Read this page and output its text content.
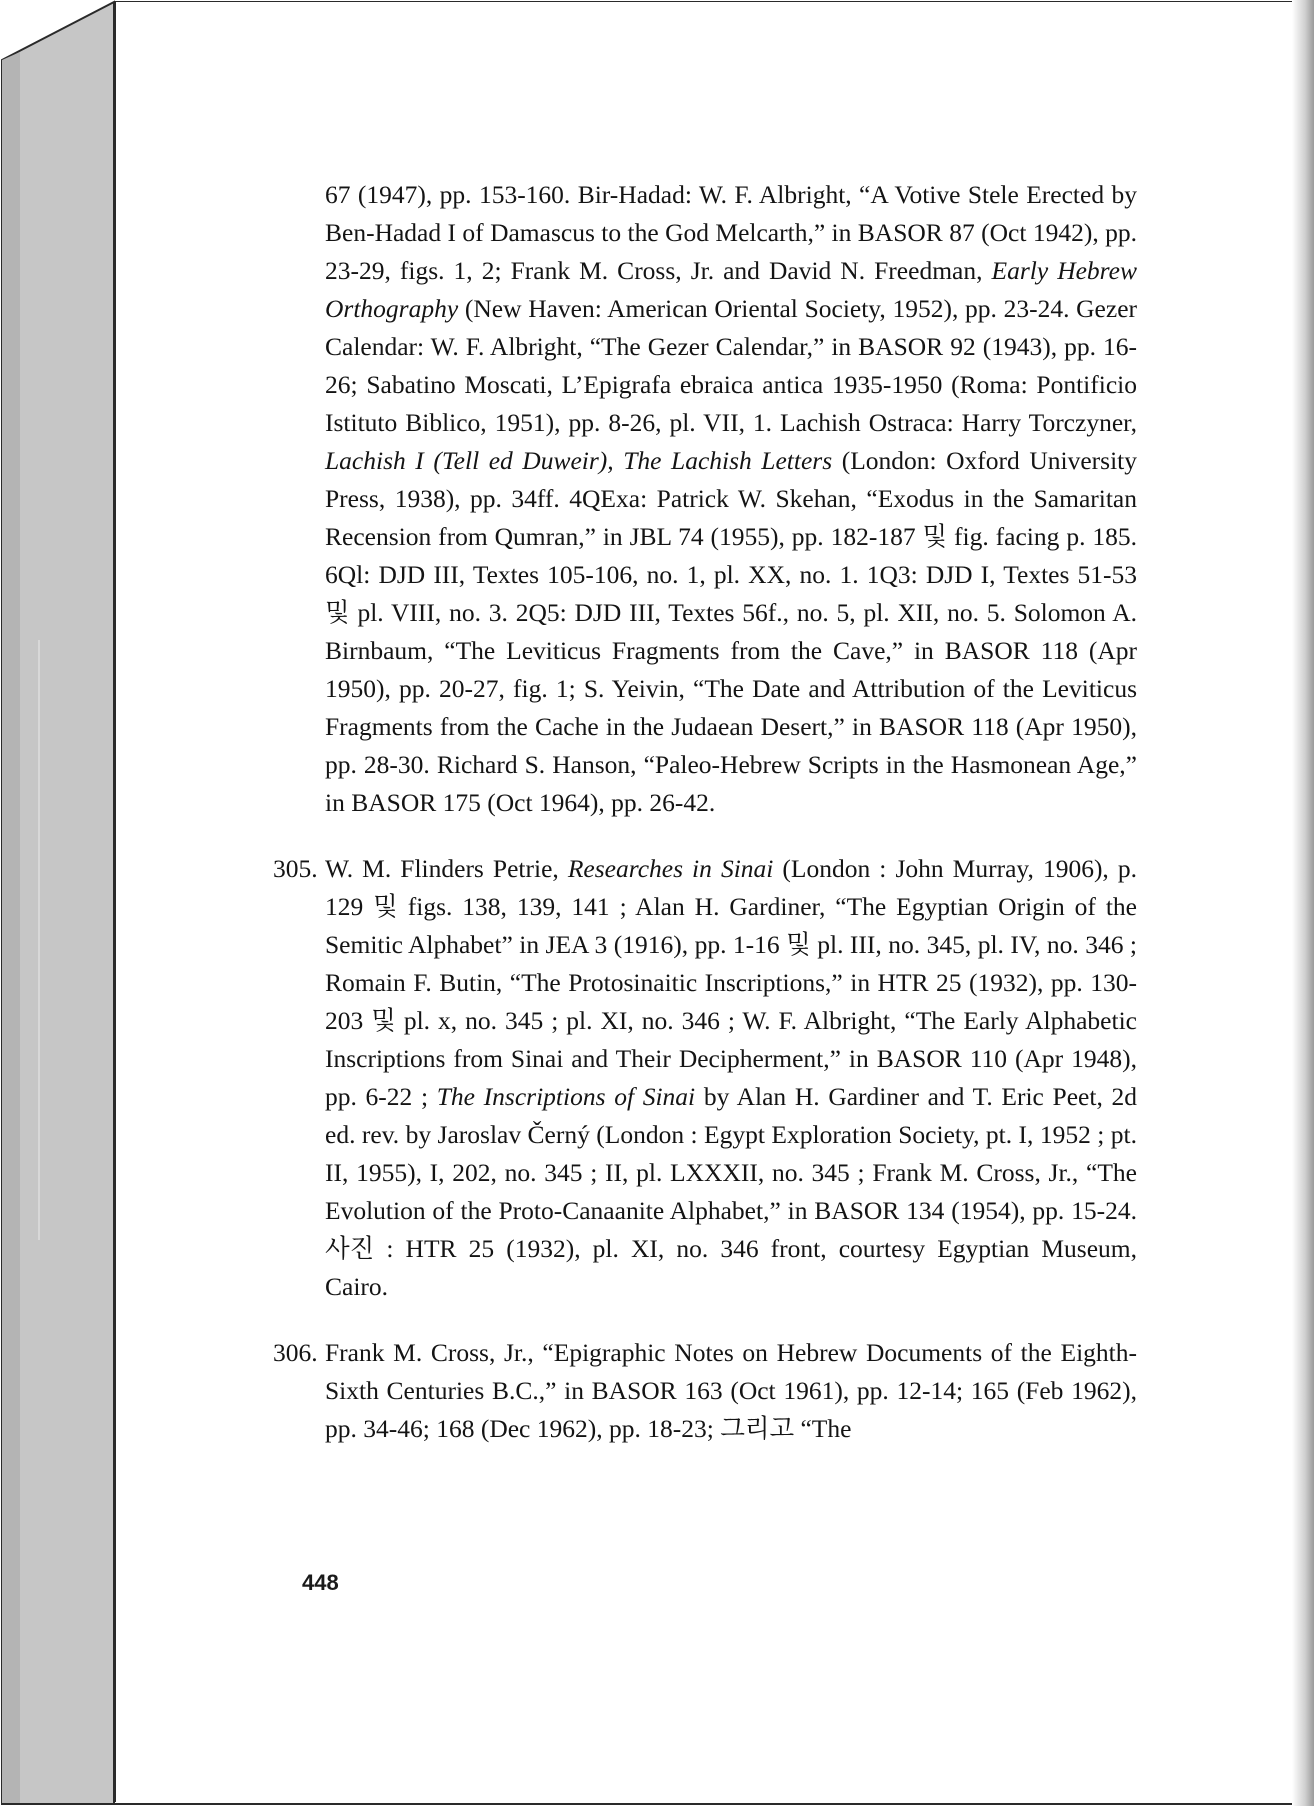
67 (1947), pp. 153-160. Bir-Hadad: W. F. Albright, “A Votive Stele Erected by Ben-Hadad I of Damascus to the God Melcarth,” in BASOR 87 (Oct 1942), pp. 23-29, figs. 1, 2; Frank M. Cross, Jr. and David N. Freedman, Early Hebrew Orthography (New Haven: American Oriental Society, 1952), pp. 23-24. Gezer Calendar: W. F. Albright, “The Gezer Calendar,” in BASOR 92 (1943), pp. 16-26; Sabatino Moscati, L’Epigrafa ebraica antica 1935-1950 (Roma: Pontificio Istituto Biblico, 1951), pp. 8-26, pl. VII, 1. Lachish Ostraca: Harry Torczyner, Lachish I (Tell ed Duweir), The Lachish Letters (London: Oxford University Press, 1938), pp. 34ff. 4QExa: Patrick W. Skehan, “Exodus in the Samaritan Recension from Qumran,” in JBL 74 (1955), pp. 182-187 및 fig. facing p. 185. 6Ql: DJD III, Textes 105-106, no. 1, pl. XX, no. 1. 1Q3: DJD I, Textes 51-53 및 pl. VIII, no. 3. 2Q5: DJD III, Textes 56f., no. 5, pl. XII, no. 5. Solomon A. Birnbaum, “The Leviticus Fragments from the Cave,” in BASOR 118 (Apr 1950), pp. 20-27, fig. 1; S. Yeivin, “The Date and Attribution of the Leviticus Fragments from the Cache in the Judaean Desert,” in BASOR 118 (Apr 1950), pp. 28-30. Richard S. Hanson, “Paleo-Hebrew Scripts in the Hasmonean Age,” in BASOR 175 (Oct 1964), pp. 26-42.

305. W. M. Flinders Petrie, Researches in Sinai (London : John Murray, 1906), p. 129 및 figs. 138, 139, 141 ; Alan H. Gardiner, “The Egyptian Origin of the Semitic Alphabet” in JEA 3 (1916), pp. 1-16 및 pl. III, no. 345, pl. IV, no. 346 ; Romain F. Butin, “The Protosinaitic Inscriptions,” in HTR 25 (1932), pp. 130-203 및 pl. x, no. 345 ; pl. XI, no. 346 ; W. F. Albright, “The Early Alphabetic Inscriptions from Sinai and Their Decipherment,” in BASOR 110 (Apr 1948), pp. 6-22 ; The Inscriptions of Sinai by Alan H. Gardiner and T. Eric Peet, 2d ed. rev. by Jaroslav Černý (London : Egypt Exploration Society, pt. I, 1952 ; pt. II, 1955), I, 202, no. 345 ; II, pl. LXXXII, no. 345 ; Frank M. Cross, Jr., “The Evolution of the Proto-Canaanite Alphabet,” in BASOR 134 (1954), pp. 15-24. 사진 : HTR 25 (1932), pl. XI, no. 346 front, courtesy Egyptian Museum, Cairo.

306. Frank M. Cross, Jr., “Epigraphic Notes on Hebrew Documents of the Eighth-Sixth Centuries B.C.,” in BASOR 163 (Oct 1961), pp. 12-14; 165 (Feb 1962), pp. 34-46; 168 (Dec 1962), pp. 18-23; 그리고 “The

448
